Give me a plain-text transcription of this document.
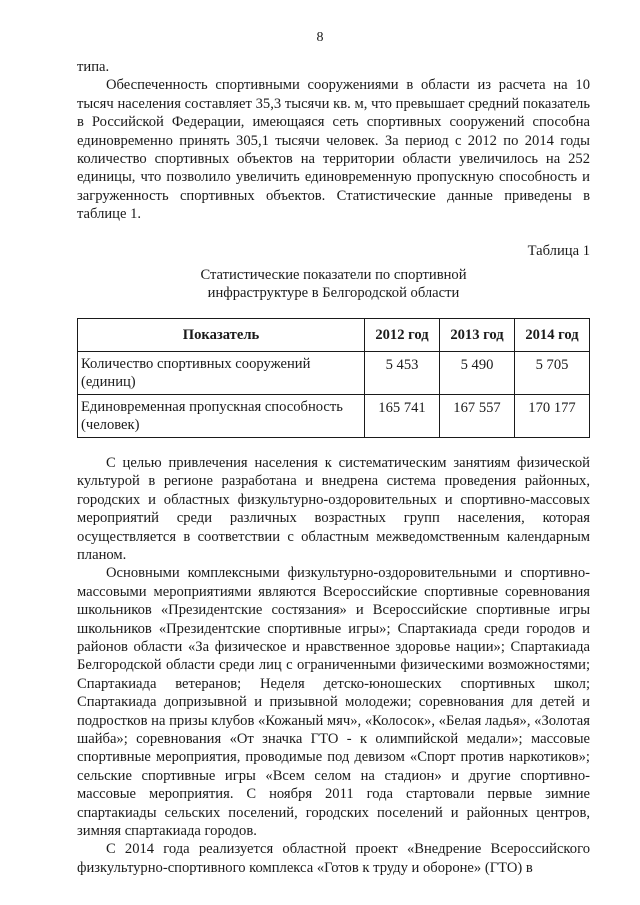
8

типа.

Обеспеченность спортивными сооружениями в области из расчета на 10 тысяч населения составляет 35,3 тысячи кв. м, что превышает средний показатель в Российской Федерации, имеющаяся сеть спортивных сооружений способна единовременно принять 305,1 тысячи человек. За период с 2012 по 2014 годы количество спортивных объектов на территории области увеличилось на 252 единицы, что позволило увеличить единовременную пропускную способность и загруженность спортивных объектов. Статистические данные приведены в таблице 1.

Таблица 1
Статистические показатели по спортивной
инфраструктуре в Белгородской области
Показатель	2012 год	2013 год	2014 год
Количество спортивных сооружений (единиц)	5 453	5 490	5 705
Единовременная пропускная способность (человек)	165 741	167 557	170 177

С целью привлечения населения к систематическим занятиям физической культурой в регионе разработана и внедрена система проведения районных, городских и областных физкультурно-оздоровительных и спортивно-массовых мероприятий среди различных возрастных групп населения, которая осуществляется в соответствии с областным межведомственным календарным планом.

Основными комплексными физкультурно-оздоровительными и спортивно-массовыми мероприятиями являются Всероссийские спортивные соревнования школьников «Президентские состязания» и Всероссийские спортивные игры школьников «Президентские спортивные игры»; Спартакиада среди городов и районов области «За физическое и нравственное здоровье нации»; Спартакиада Белгородской области среди лиц с ограниченными физическими возможностями; Спартакиада ветеранов; Неделя детско-юношеских спортивных школ; Спартакиада допризывной и призывной молодежи; соревнования для детей и подростков на призы клубов «Кожаный мяч», «Колосок», «Белая ладья», «Золотая шайба»; соревнования «От значка ГТО - к олимпийской медали»; массовые спортивные мероприятия, проводимые под девизом «Спорт против наркотиков»; сельские спортивные игры «Всем селом на стадион» и другие спортивно-массовые мероприятия. С ноября 2011 года стартовали первые зимние спартакиады сельских поселений, городских поселений и районных центров, зимняя спартакиада городов.

С 2014 года реализуется областной проект «Внедрение Всероссийского физкультурно-спортивного комплекса «Готов к труду и обороне» (ГТО) в
